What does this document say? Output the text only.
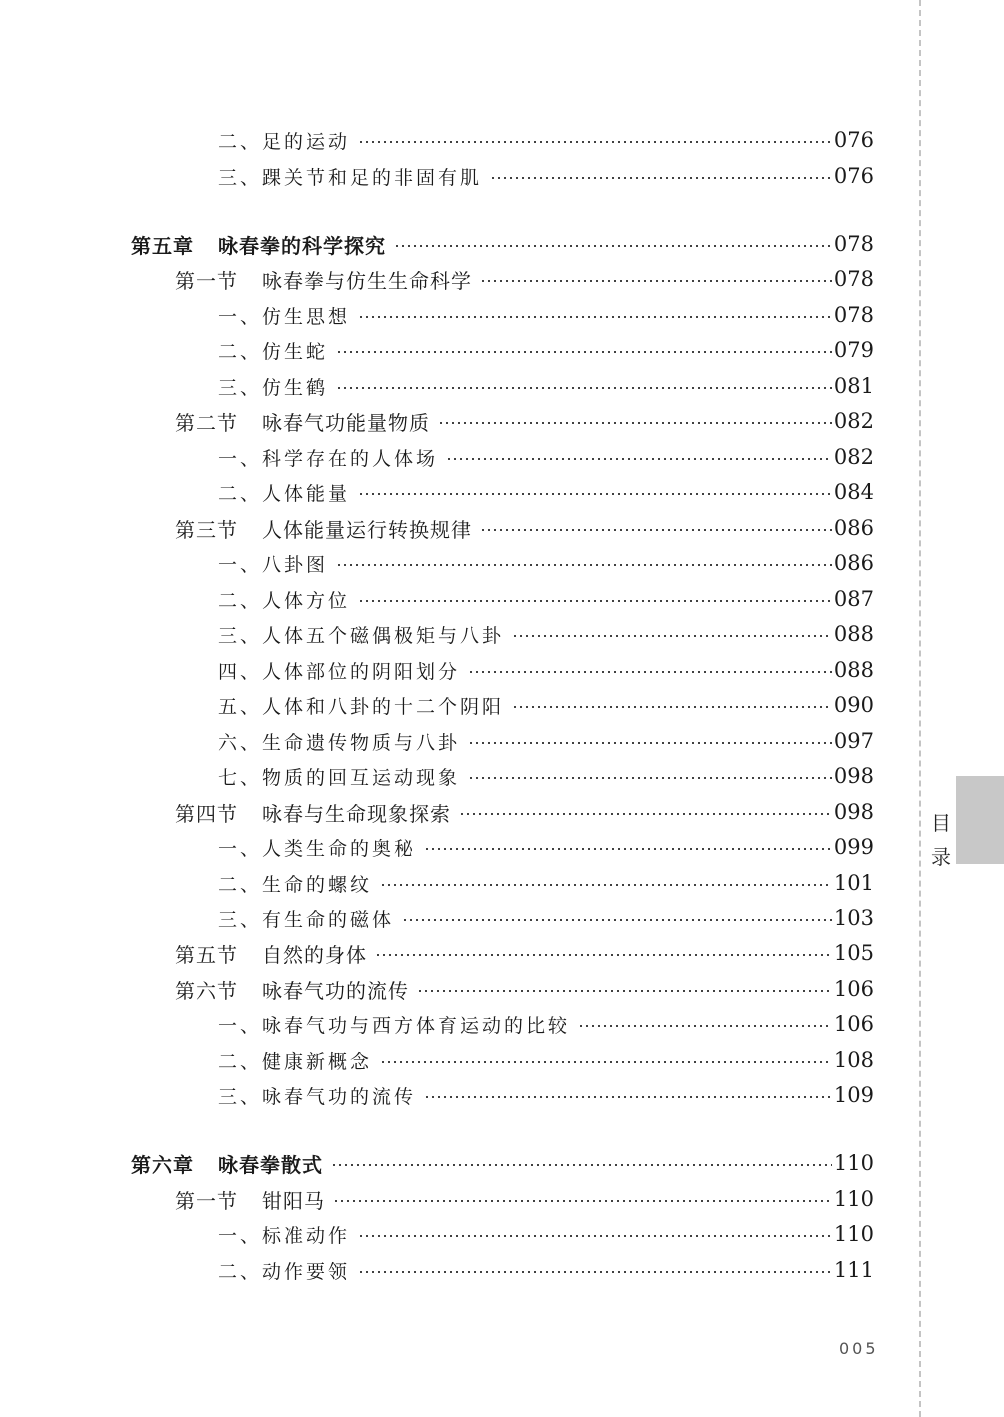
目
录
二、足的运动	076
三、踝关节和足的非固有肌	076
第五章 咏春拳的科学探究	078
第一节 咏春拳与仿生生命科学	078
一、仿生思想	078
二、仿生蛇	079
三、仿生鹤	081
第二节 咏春气功能量物质	082
一、科学存在的人体场	082
二、人体能量	084
第三节 人体能量运行转换规律	086
一、八卦图	086
二、人体方位	087
三、人体五个磁偶极矩与八卦	088
四、人体部位的阴阳划分	088
五、人体和八卦的十二个阴阳	090
六、生命遗传物质与八卦	097
七、物质的回互运动现象	098
第四节 咏春与生命现象探索	098
一、人类生命的奥秘	099
二、生命的螺纹	101
三、有生命的磁体	103
第五节 自然的身体	105
第六节 咏春气功的流传	106
一、咏春气功与西方体育运动的比较	106
二、健康新概念	108
三、咏春气功的流传	109
第六章 咏春拳散式	110
第一节 钳阳马	110
一、标准动作	110
二、动作要领	111
005
